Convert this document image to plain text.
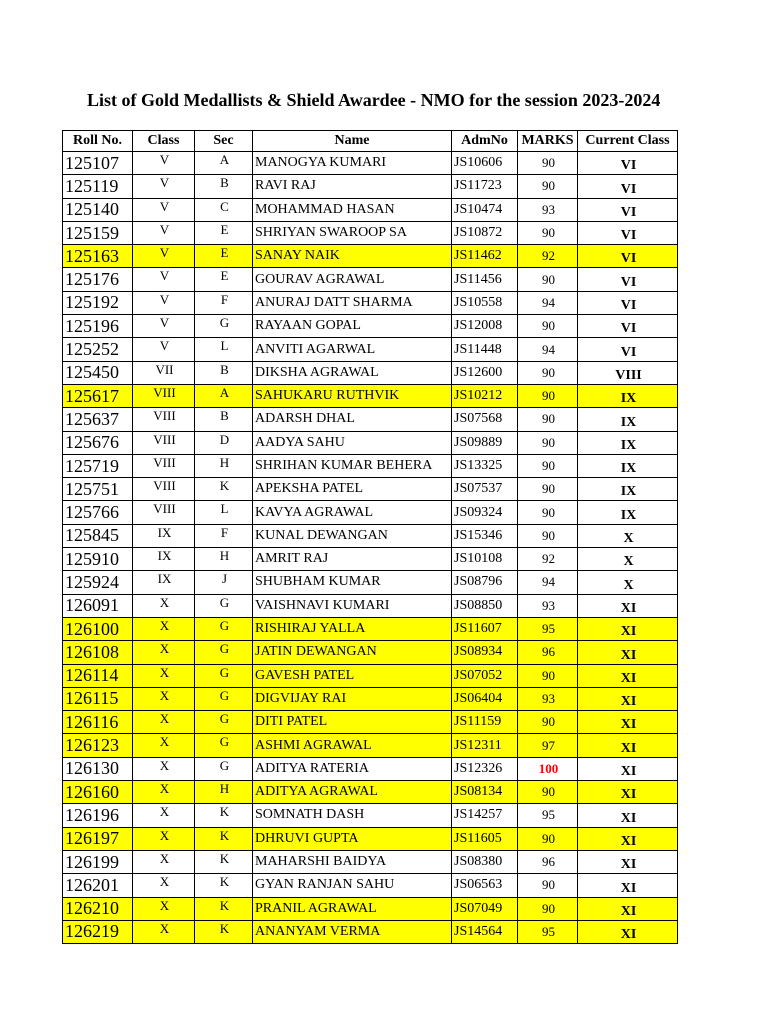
List of Gold Medallists & Shield Awardee - NMO for the session 2023-2024
Roll No.	Class	Sec	Name	AdmNo	MARKS	Current Class
125107	V	A	MANOGYA KUMARI	JS10606	90	VI
125119	V	B	RAVI RAJ	JS11723	90	VI
125140	V	C	MOHAMMAD HASAN	JS10474	93	VI
125159	V	E	SHRIYAN SWAROOP SA	JS10872	90	VI
125163	V	E	SANAY NAIK	JS11462	92	VI
125176	V	E	GOURAV AGRAWAL	JS11456	90	VI
125192	V	F	ANURAJ DATT SHARMA	JS10558	94	VI
125196	V	G	RAYAAN GOPAL	JS12008	90	VI
125252	V	L	ANVITI AGARWAL	JS11448	94	VI
125450	VII	B	DIKSHA AGRAWAL	JS12600	90	VIII
125617	VIII	A	SAHUKARU RUTHVIK	JS10212	90	IX
125637	VIII	B	ADARSH DHAL	JS07568	90	IX
125676	VIII	D	AADYA SAHU	JS09889	90	IX
125719	VIII	H	SHRIHAN KUMAR BEHERA	JS13325	90	IX
125751	VIII	K	APEKSHA PATEL	JS07537	90	IX
125766	VIII	L	KAVYA AGRAWAL	JS09324	90	IX
125845	IX	F	KUNAL DEWANGAN	JS15346	90	X
125910	IX	H	AMRIT RAJ	JS10108	92	X
125924	IX	J	SHUBHAM KUMAR	JS08796	94	X
126091	X	G	VAISHNAVI KUMARI	JS08850	93	XI
126100	X	G	RISHIRAJ YALLA	JS11607	95	XI
126108	X	G	JATIN DEWANGAN	JS08934	96	XI
126114	X	G	GAVESH PATEL	JS07052	90	XI
126115	X	G	DIGVIJAY RAI	JS06404	93	XI
126116	X	G	DITI PATEL	JS11159	90	XI
126123	X	G	ASHMI AGRAWAL	JS12311	97	XI
126130	X	G	ADITYA RATERIA	JS12326	100	XI
126160	X	H	ADITYA AGRAWAL	JS08134	90	XI
126196	X	K	SOMNATH DASH	JS14257	95	XI
126197	X	K	DHRUVI GUPTA	JS11605	90	XI
126199	X	K	MAHARSHI BAIDYA	JS08380	96	XI
126201	X	K	GYAN RANJAN SAHU	JS06563	90	XI
126210	X	K	PRANIL AGRAWAL	JS07049	90	XI
126219	X	K	ANANYAM VERMA	JS14564	95	XI
